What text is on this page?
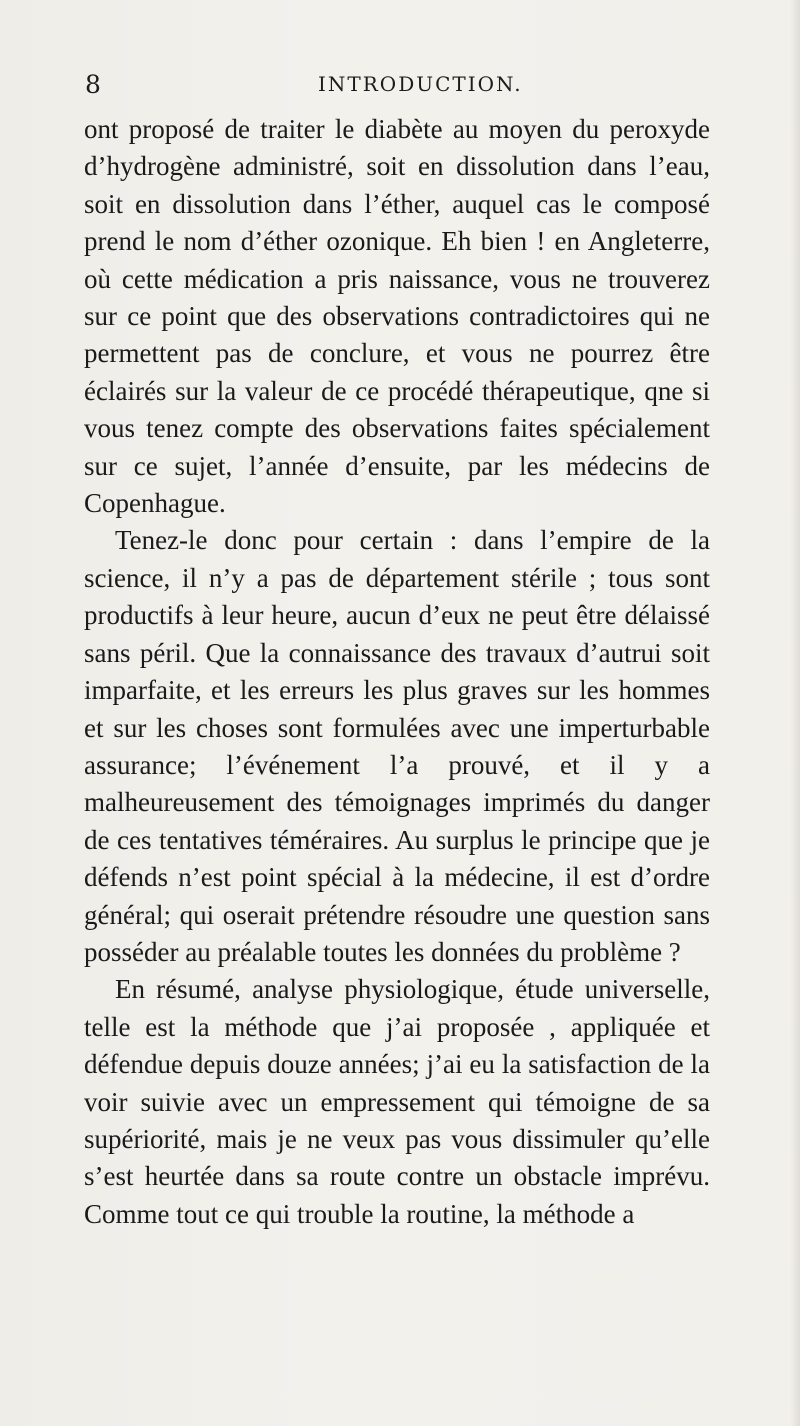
8	INTRODUCTION.

ont proposé de traiter le diabète au moyen du peroxyde d’hydrogène administré, soit en dissolution dans l’eau, soit en dissolution dans l’éther, auquel cas le composé prend le nom d’éther ozonique. Eh bien ! en Angleterre, où cette médication a pris naissance, vous ne trouverez sur ce point que des observations contradictoires qui ne permettent pas de conclure, et vous ne pourrez être éclairés sur la valeur de ce procédé thérapeutique, qne si vous tenez compte des observations faites spécialement sur ce sujet, l’année d’ensuite, par les médecins de Copenhague.

Tenez-le donc pour certain : dans l’empire de la science, il n’y a pas de département stérile ; tous sont productifs à leur heure, aucun d’eux ne peut être délaissé sans péril. Que la connaissance des travaux d’autrui soit imparfaite, et les erreurs les plus graves sur les hommes et sur les choses sont formulées avec une imperturbable assurance; l’événement l’a prouvé, et il y a malheureusement des témoignages imprimés du danger de ces tentatives téméraires. Au surplus le principe que je défends n’est point spécial à la médecine, il est d’ordre général; qui oserait prétendre résoudre une question sans posséder au préalable toutes les données du problème ?

En résumé, analyse physiologique, étude universelle, telle est la méthode que j’ai proposée , appliquée et défendue depuis douze années; j’ai eu la satisfaction de la voir suivie avec un empressement qui témoigne de sa supériorité, mais je ne veux pas vous dissimuler qu’elle s’est heurtée dans sa route contre un obstacle imprévu. Comme tout ce qui trouble la routine, la méthode a
